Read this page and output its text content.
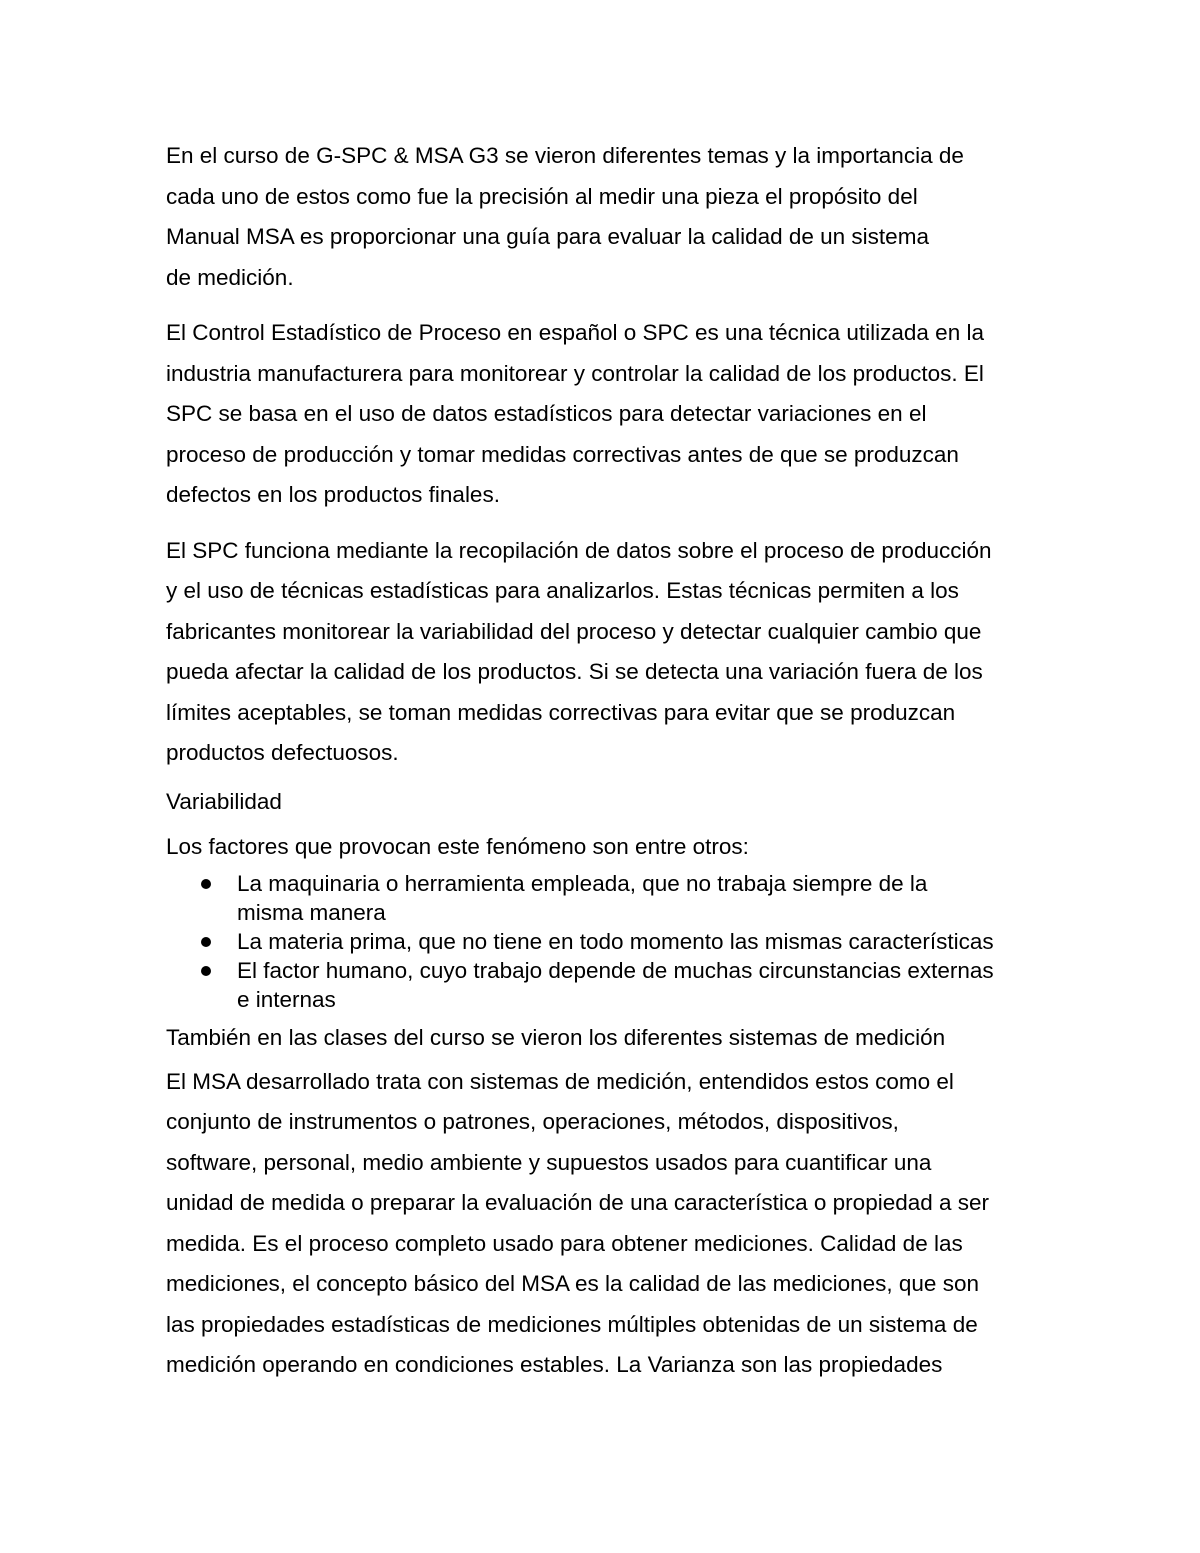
En el curso de G-SPC & MSA G3 se vieron diferentes temas y la importancia de
cada uno de estos como fue la precisión al medir una pieza el propósito del
Manual MSA es proporcionar una guía para evaluar la calidad de un sistema
de medición.
El Control Estadístico de Proceso en español o SPC es una técnica utilizada en la
industria manufacturera para monitorear y controlar la calidad de los productos. El
SPC se basa en el uso de datos estadísticos para detectar variaciones en el
proceso de producción y tomar medidas correctivas antes de que se produzcan
defectos en los productos finales.
El SPC funciona mediante la recopilación de datos sobre el proceso de producción
y el uso de técnicas estadísticas para analizarlos. Estas técnicas permiten a los
fabricantes monitorear la variabilidad del proceso y detectar cualquier cambio que
pueda afectar la calidad de los productos. Si se detecta una variación fuera de los
límites aceptables, se toman medidas correctivas para evitar que se produzcan
productos defectuosos.
Variabilidad
Los factores que provocan este fenómeno son entre otros:
La maquinaria o herramienta empleada, que no trabaja siempre de la
misma manera
La materia prima, que no tiene en todo momento las mismas características
El factor humano, cuyo trabajo depende de muchas circunstancias externas
e internas
También en las clases del curso se vieron los diferentes sistemas de medición
El MSA desarrollado trata con sistemas de medición, entendidos estos como el
conjunto de instrumentos o patrones, operaciones, métodos, dispositivos,
software, personal, medio ambiente y supuestos usados para cuantificar una
unidad de medida o preparar la evaluación de una característica o propiedad a ser
medida. Es el proceso completo usado para obtener mediciones. Calidad de las
mediciones, el concepto básico del MSA es la calidad de las mediciones, que son
las propiedades estadísticas de mediciones múltiples obtenidas de un sistema de
medición operando en condiciones estables. La Varianza son las propiedades
